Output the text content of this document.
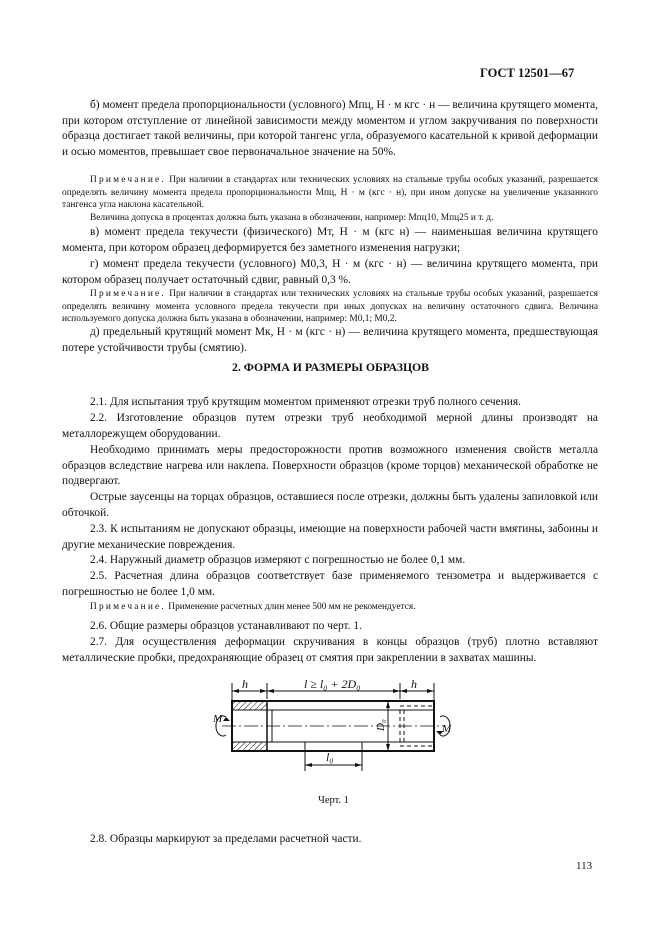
ГОСТ 12501—67
б) момент предела пропорциональности (условного) Mпц, Н · м кгс · н — величина крутящего момента, при котором отступление от линейной зависимости между моментом и углом закручивания по поверхности образца достигает такой величины, при которой тангенс угла, образуемого касательной к кривой деформации и осью моментов, превышает свое первоначальное значение на 50%.
Примечание. При наличии в стандартах или технических условиях на стальные трубы особых указаний, разрешается определять величину момента предела пропорциональности Mпц, Н · м (кгс · н), при ином допуске на увеличение указанного тангенса угла наклона касательной.
Величина допуска в процентах должна быть указана в обозначении, например: Mпц10, Mпц25 и т. д.
в) момент предела текучести (физического) Mт, Н · м (кгс н) — наименьшая величина крутящего момента, при котором образец деформируется без заметного изменения нагрузки;
г) момент предела текучести (условного) M0,3, Н · м (кгс · н) — величина крутящего момента, при котором образец получает остаточный сдвиг, равный 0,3 %.
Примечание. При наличии в стандартах или технических условиях на стальные трубы особых указаний, разрешается определять величину момента условного предела текучести при иных допусках на величину остаточного сдвига. Величина используемого допуска должна быть указана в обозначении, например: M0,1; M0,2.
д) предельный крутящий момент Mк, Н · м (кгс · н) — величина крутящего момента, предшествующая потере устойчивости трубы (смятию).
2. ФОРМА И РАЗМЕРЫ ОБРАЗЦОВ
2.1. Для испытания труб крутящим моментом применяют отрезки труб полного сечения.
2.2. Изготовление образцов путем отрезки труб необходимой мерной длины производят на металлорежущем оборудовании.
Необходимо принимать меры предосторожности против возможного изменения свойств металла образцов вследствие нагрева или наклепа. Поверхности образцов (кроме торцов) механической обработке не подвергают.
Острые заусенцы на торцах образцов, оставшиеся после отрезки, должны быть удалены запиловкой или обточкой.
2.3. К испытаниям не допускают образцы, имеющие на поверхности рабочей части вмятины, забоины и другие механические повреждения.
2.4. Наружный диаметр образцов измеряют с погрешностью не более 0,1 мм.
2.5. Расчетная длина образцов соответствует базе применяемого тензометра и выдерживается с погрешностью не более 1,0 мм.
Примечание. Применение расчетных длин менее 500 мм не рекомендуется.
2.6. Общие размеры образцов устанавливают по черт. 1.
2.7. Для осуществления деформации скручивания в концы образцов (труб) плотно вставляют металлические пробки, предохраняющие образец от смятия при закреплении в захватах машины.
h	l ≥ l₀ + 2D₀	h
D₀
l₀
M
M
Черт. 1
2.8. Образцы маркируют за пределами расчетной части.
113
